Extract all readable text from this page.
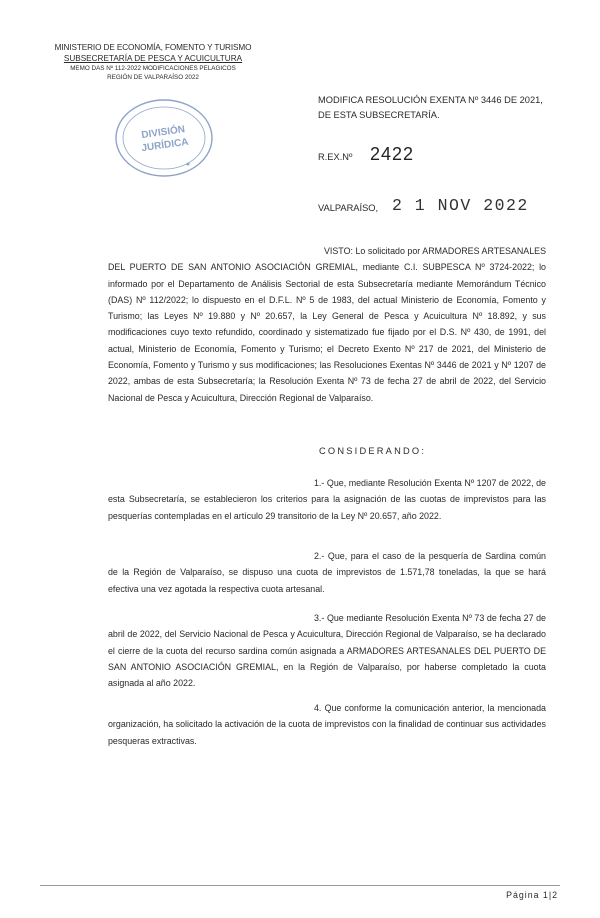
MINISTERIO DE ECONOMÍA, FOMENTO Y TURISMO
SUBSECRETARÍA DE PESCA Y ACUICULTURA
MEMO DAS Nº 112-2022 MODIFICACIONES PELAGICOS
REGIÓN DE VALPARAÍSO 2022
DIVISIÓN
JURÍDICA
MODIFICA RESOLUCIÓN EXENTA Nº 3446 DE 2021,
DE ESTA SUBSECRETARÍA.
R.EX.Nº 2422
VALPARAÍSO, 2 1 NOV 2022
VISTO: Lo solicitado por ARMADORES ARTESANALES DEL PUERTO DE SAN ANTONIO ASOCIACIÓN GREMIAL, mediante C.I. SUBPESCA Nº 3724-2022; lo informado por el Departamento de Análisis Sectorial de esta Subsecretaría mediante Memorándum Técnico (DAS) Nº 112/2022; lo dispuesto en el D.F.L. Nº 5 de 1983, del actual Ministerio de Economía, Fomento y Turismo; las Leyes Nº 19.880 y Nº 20.657, la Ley General de Pesca y Acuicultura Nº 18.892, y sus modificaciones cuyo texto refundido, coordinado y sistematizado fue fijado por el D.S. Nº 430, de 1991, del actual, Ministerio de Economía, Fomento y Turismo; el Decreto Exento Nº 217 de 2021, del Ministerio de Economía, Fomento y Turismo y sus modificaciones; las Resoluciones Exentas Nº 3446 de 2021 y Nº 1207 de 2022, ambas de esta Subsecretaría; la Resolución Exenta Nº 73 de fecha 27 de abril de 2022, del Servicio Nacional de Pesca y Acuicultura, Dirección Regional de Valparaíso.
CONSIDERANDO:
1.- Que, mediante Resolución Exenta Nº 1207 de 2022, de esta Subsecretaría, se establecieron los criterios para la asignación de las cuotas de imprevistos para las pesquerías contempladas en el artículo 29 transitorio de la Ley Nº 20.657, año 2022.
2.- Que, para el caso de la pesquería de Sardina común de la Región de Valparaíso, se dispuso una cuota de imprevistos de 1.571,78 toneladas, la que se hará efectiva una vez agotada la respectiva cuota artesanal.
3.- Que mediante Resolución Exenta Nº 73 de fecha 27 de abril de 2022, del Servicio Nacional de Pesca y Acuicultura, Dirección Regional de Valparaíso, se ha declarado el cierre de la cuota del recurso sardina común asignada a ARMADORES ARTESANALES DEL PUERTO DE SAN ANTONIO ASOCIACIÓN GREMIAL, en la Región de Valparaíso, por haberse completado la cuota asignada al año 2022.
4. Que conforme la comunicación anterior, la mencionada organización, ha solicitado la activación de la cuota de imprevistos con la finalidad de continuar sus actividades pesqueras extractivas.
Página 1|2
